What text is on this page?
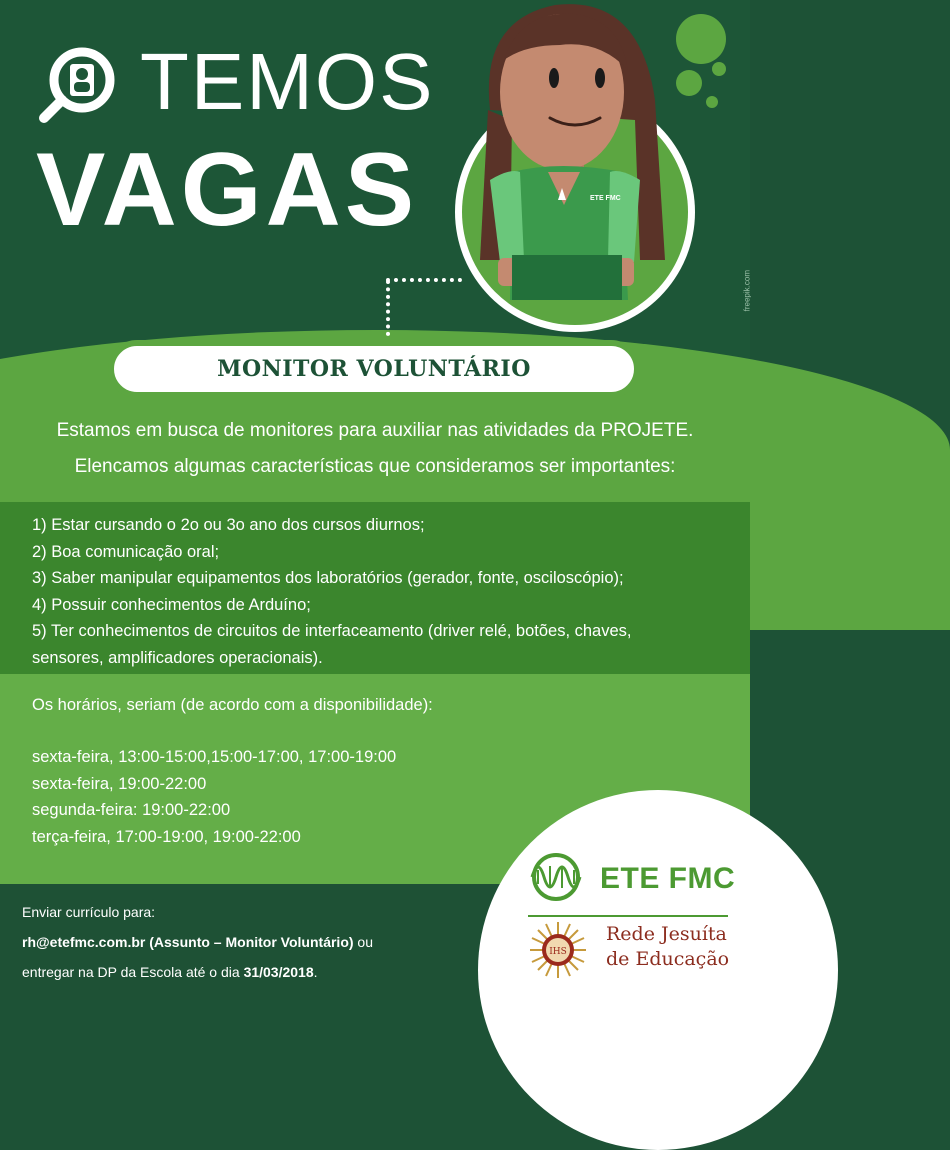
TEMOS
VAGAS	ETE FMC
freepik.com
MONITOR VOLUNTÁRIO
Estamos em busca de monitores para auxiliar nas atividades da PROJETE.
Elencamos algumas características que consideramos ser importantes:
1) Estar cursando o 2o ou 3o ano dos cursos diurnos;
2) Boa comunicação oral;
3) Saber manipular equipamentos dos laboratórios (gerador, fonte, osciloscópio);
4) Possuir conhecimentos de Arduíno;
5) Ter conhecimentos de circuitos de interfaceamento (driver relé, botões, chaves,
sensores, amplificadores operacionais).
Os horários, seriam (de acordo com a disponibilidade):
sexta-feira, 13:00-15:00,15:00-17:00, 17:00-19:00
sexta-feira, 19:00-22:00
segunda-feira: 19:00-22:00
terça-feira, 17:00-19:00, 19:00-22:00
Enviar currículo para:
rh@etefmc.com.br (Assunto – Monitor Voluntário) ou
entregar na DP da Escola até o dia 31/03/2018.
ETE FMC
IHS
Rede Jesuíta
de Educação
